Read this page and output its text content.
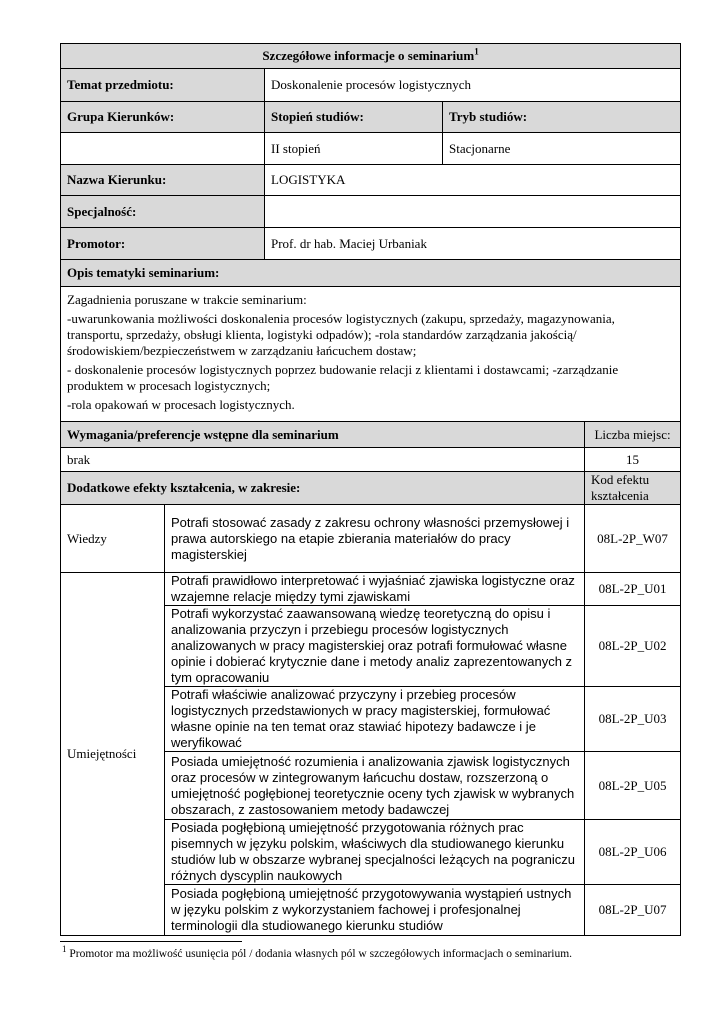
Szczegółowe informacje o seminarium$^1$
Temat przedmiotu:		Doskonalenie procesów logistycznych		
Grupa Kierunków:		Stopień studiów:	Tryb studiów:	
		II stopień	Stacjonarne	
Nazwa Kierunku:		LOGISTYKA		
Specjalność:				
Promotor:		Prof. dr hab. Maciej Urbaniak		
Opis tematyki seminarium:				

Zagadnienia poruszane w trakcie seminarium:

-uwarunkowania możliwości doskonalenia procesów logistycznych (zakupu, sprzedaży, magazynowania, transportu, sprzedaży, obsługi klienta, logistyki odpadów); -rola standardów zarządzania jakością/ środowiskiem/bezpieczeństwem w zarządzaniu łańcuchem dostaw;

- doskonalenie procesów logistycznych poprzez budowanie relacji z klientami i dostawcami; -zarządzanie produktem w procesach logistycznych;

-rola opakowań w procesach logistycznych.				

Wymagania/preferencje wstępne dla seminarium				Liczba miejsc:
brak				15
Dodatkowe efekty kształcenia, w zakresie:				Kod efektu kształcenia
Wiedzy	Potrafi stosować zasady z zakresu ochrony własności przemysłowej i prawa autorskiego na etapie zbierania materiałów do pracy magisterskiej			08L-2P_W07
Umiejętności	Potrafi prawidłowo interpretować i wyjaśniać zjawiska logistyczne oraz wzajemne relacje między tymi zjawiskami			08L-2P_U01
	Potrafi wykorzystać zaawansowaną wiedzę teoretyczną do opisu i analizowania przyczyn i przebiegu procesów logistycznych analizowanych w pracy magisterskiej oraz potrafi formułować własne opinie i dobierać krytycznie dane i metody analiz zaprezentowanych z tym opracowaniu			08L-2P_U02
	Potrafi właściwie analizować przyczyny i przebieg procesów logistycznych przedstawionych w pracy magisterskiej, formułować własne opinie na ten temat oraz stawiać hipotezy badawcze i je weryfikować			08L-2P_U03
	Posiada umiejętność rozumienia i analizowania zjawisk logistycznych oraz procesów w zintegrowanym łańcuchu dostaw, rozszerzoną o umiejętność pogłębionej teoretycznie oceny tych zjawisk w wybranych obszarach, z zastosowaniem metody badawczej			08L-2P_U05
	Posiada pogłębioną umiejętność przygotowania różnych prac pisemnych w języku polskim, właściwych dla studiowanego kierunku studiów lub w obszarze wybranej specjalności leżących na pograniczu różnych dyscyplin naukowych			08L-2P_U06
	Posiada pogłębioną umiejętność przygotowywania wystąpień ustnych w języku polskim z wykorzystaniem fachowej i profesjonalnej terminologii dla studiowanego kierunku studiów			08L-2P_U07
$^1$ Promotor ma możliwość usunięcia pól / dodania własnych pól w szczegółowych informacjach o seminarium.
